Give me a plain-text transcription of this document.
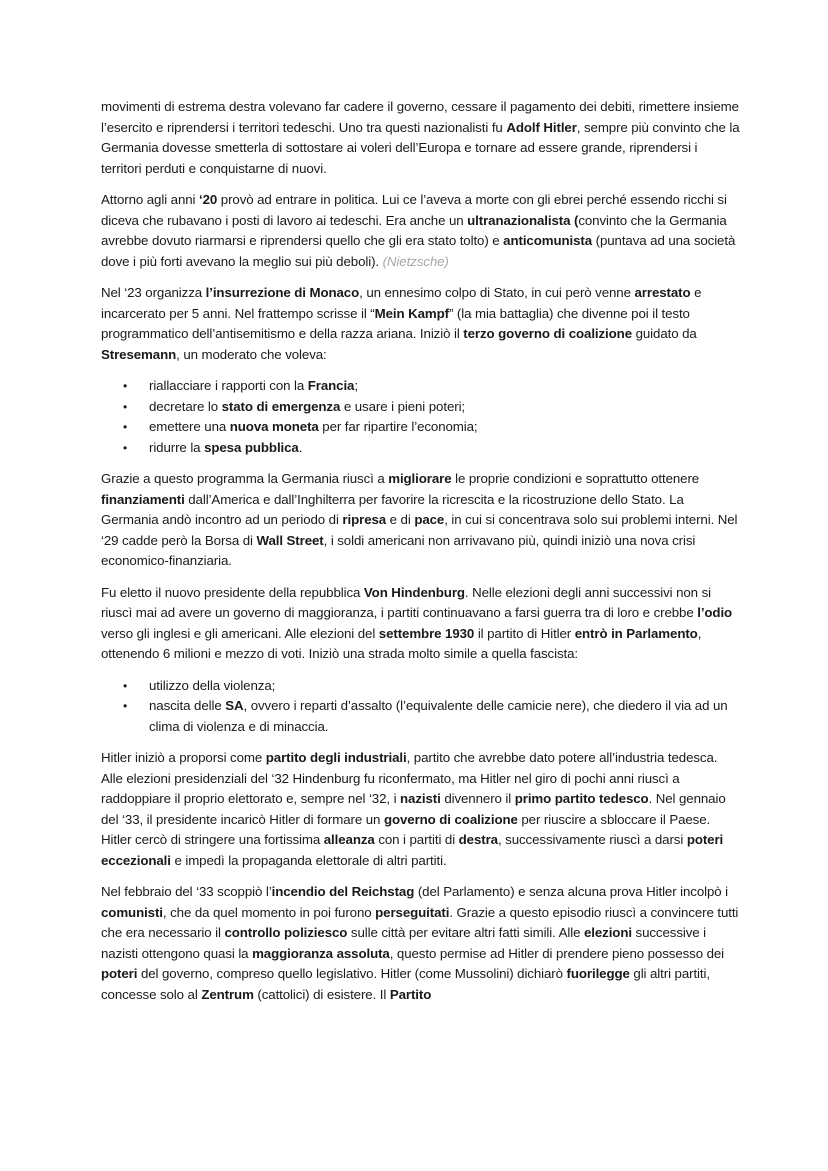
movimenti di estrema destra volevano far cadere il governo, cessare il pagamento dei debiti, rimettere insieme l’esercito e riprendersi i territori tedeschi. Uno tra questi nazionalisti fu Adolf Hitler, sempre più convinto che la Germania dovesse smetterla di sottostare ai voleri dell’Europa e tornare ad essere grande, riprendersi i territori perduti e conquistarne di nuovi.

Attorno agli anni ‘20 provò ad entrare in politica. Lui ce l’aveva a morte con gli ebrei perché essendo ricchi si diceva che rubavano i posti di lavoro ai tedeschi. Era anche un ultranazionalista (convinto che la Germania avrebbe dovuto riarmarsi e riprendersi quello che gli era stato tolto) e anticomunista (puntava ad una società dove i più forti avevano la meglio sui più deboli). (Nietzsche)

Nel ‘23 organizza l’insurrezione di Monaco, un ennesimo colpo di Stato, in cui però venne arrestato e incarcerato per 5 anni. Nel frattempo scrisse il “Mein Kampf” (la mia battaglia) che divenne poi il testo programmatico dell’antisemitismo e della razza ariana. Iniziò il terzo governo di coalizione guidato da Stresemann, un moderato che voleva:

• riallacciare i rapporti con la Francia;
• decretare lo stato di emergenza e usare i pieni poteri;
• emettere una nuova moneta per far ripartire l’economia;
• ridurre la spesa pubblica.

Grazie a questo programma la Germania riuscì a migliorare le proprie condizioni e soprattutto ottenere finanziamenti dall’America e dall’Inghilterra per favorire la ricrescita e la ricostruzione dello Stato. La Germania andò incontro ad un periodo di ripresa e di pace, in cui si concentrava solo sui problemi interni. Nel ‘29 cadde però la Borsa di Wall Street, i soldi americani non arrivavano più, quindi iniziò una nova crisi economico-finanziaria.

Fu eletto il nuovo presidente della repubblica Von Hindenburg. Nelle elezioni degli anni successivi non si riuscì mai ad avere un governo di maggioranza, i partiti continuavano a farsi guerra tra di loro e crebbe l’odio verso gli inglesi e gli americani. Alle elezioni del settembre 1930 il partito di Hitler entrò in Parlamento, ottenendo 6 milioni e mezzo di voti. Iniziò una strada molto simile a quella fascista:

• utilizzo della violenza;
• nascita delle SA, ovvero i reparti d’assalto (l’equivalente delle camicie nere), che diedero il via ad un clima di violenza e di minaccia.

Hitler iniziò a proporsi come partito degli industriali, partito che avrebbe dato potere all’industria tedesca. Alle elezioni presidenziali del ‘32 Hindenburg fu riconfermato, ma Hitler nel giro di pochi anni riuscì a raddoppiare il proprio elettorato e, sempre nel ‘32, i nazisti divennero il primo partito tedesco. Nel gennaio del ‘33, il presidente incaricò Hitler di formare un governo di coalizione per riuscire a sbloccare il Paese. Hitler cercò di stringere una fortissima alleanza con i partiti di destra, successivamente riuscì a darsi poteri eccezionali e impedì la propaganda elettorale di altri partiti.

Nel febbraio del ‘33 scoppiò l’incendio del Reichstag (del Parlamento) e senza alcuna prova Hitler incolpò i comunisti, che da quel momento in poi furono perseguitati. Grazie a questo episodio riuscì a convincere tutti che era necessario il controllo poliziesco sulle città per evitare altri fatti simili. Alle elezioni successive i nazisti ottengono quasi la maggioranza assoluta, questo permise ad Hitler di prendere pieno possesso dei poteri del governo, compreso quello legislativo. Hitler (come Mussolini) dichiarò fuorilegge gli altri partiti, concesse solo al Zentrum (cattolici) di esistere. Il Partito
